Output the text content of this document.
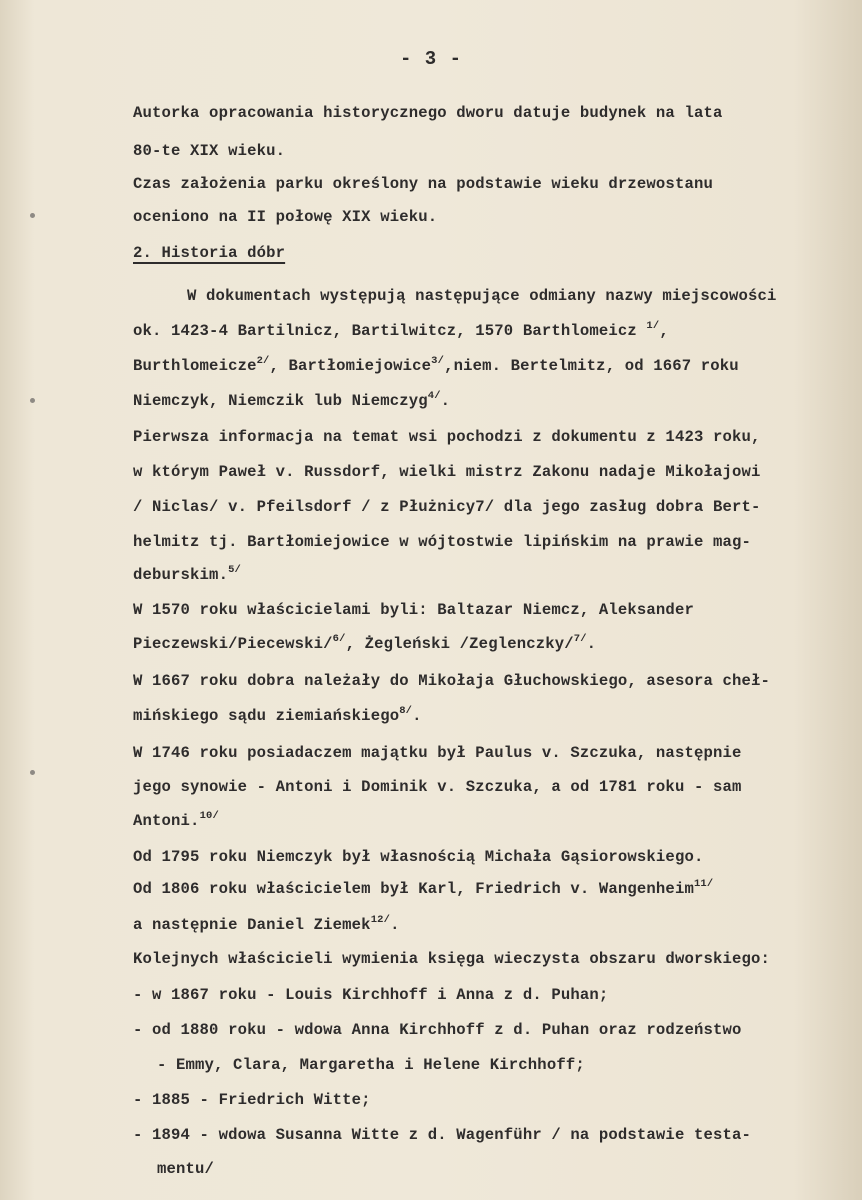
- 3 -
Autorka opracowania historycznego dworu datuje budynek na lata
80-te XIX wieku.
Czas założenia parku określony na podstawie wieku drzewostanu
oceniono na II połowę XIX wieku.
2. Historia dóbr
W dokumentach występują następujące odmiany nazwy miejscowości
ok. 1423-4 Bartilnicz, Bartilwitcz, 1570 Barthlomeicz $^{1/}$,
Burthlomeicze$^{2/}$, Bartłomiejowice$^{3/}$,niem. Bertelmitz, od 1667 roku
Niemczyk, Niemczik lub Niemczyg$^{4/}$.
Pierwsza informacja na temat wsi pochodzi z dokumentu z 1423 roku,
w którym Paweł v. Russdorf, wielki mistrz Zakonu nadaje Mikołajowi
/ Niclas/ v. Pfeilsdorf / z Płużnicy7/ dla jego zasług dobra Bert-
helmitz tj. Bartłomiejowice w wójtostwie lipińskim na prawie mag-
deburskim.$^{5/}$
W 1570 roku właścicielami byli: Baltazar Niemcz, Aleksander
Pieczewski/Piecewski/$^{6/}$, Żegleński /Zeglenczky/$^{7/}$.
W 1667 roku dobra należały do Mikołaja Głuchowskiego, asesora cheł-
mińskiego sądu ziemiańskiego$^{8/}$.
W 1746 roku posiadaczem majątku był Paulus v. Szczuka, następnie
jego synowie - Antoni i Dominik v. Szczuka, a od 1781 roku - sam
Antoni.$^{10/}$
Od 1795 roku Niemczyk był własnością Michała Gąsiorowskiego.
Od 1806 roku właścicielem był Karl, Friedrich v. Wangenheim$^{11/}$
a następnie Daniel Ziemek$^{12/}$.
Kolejnych właścicieli wymienia księga wieczysta obszaru dworskiego:
- w 1867 roku - Louis Kirchhoff i Anna z d. Puhan;
- od 1880 roku - wdowa Anna Kirchhoff z d. Puhan oraz rodzeństwo
- Emmy, Clara, Margaretha i Helene Kirchhoff;
- 1885 - Friedrich Witte;
- 1894 - wdowa Susanna Witte z d. Wagenführ / na podstawie testa-
mentu/
